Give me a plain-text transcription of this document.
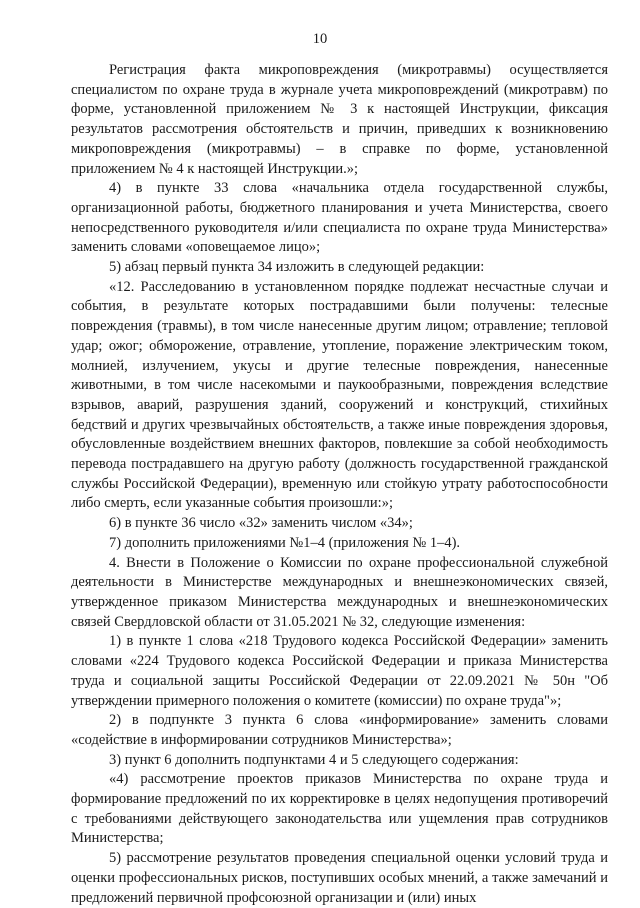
10

Регистрация факта микроповреждения (микротравмы) осуществляется специалистом по охране труда в журнале учета микроповреждений (микротравм) по форме, установленной приложением № 3 к настоящей Инструкции, фиксация результатов рассмотрения обстоятельств и причин, приведших к возникновению микроповреждения (микротравмы) – в справке по форме, установленной приложением № 4 к настоящей Инструкции.»;

4) в пункте 33 слова «начальника отдела государственной службы, организационной работы, бюджетного планирования и учета Министерства, своего непосредственного руководителя и/или специалиста по охране труда Министерства» заменить словами «оповещаемое лицо»;

5) абзац первый пункта 34 изложить в следующей редакции:

«12. Расследованию в установленном порядке подлежат несчастные случаи и события, в результате которых пострадавшими были получены: телесные повреждения (травмы), в том числе нанесенные другим лицом; отравление; тепловой удар; ожог; обморожение, отравление, утопление, поражение электрическим током, молнией, излучением, укусы и другие телесные повреждения, нанесенные животными, в том числе насекомыми и паукообразными, повреждения вследствие взрывов, аварий, разрушения зданий, сооружений и конструкций, стихийных бедствий и других чрезвычайных обстоятельств, а также иные повреждения здоровья, обусловленные воздействием внешних факторов, повлекшие за собой необходимость перевода пострадавшего на другую работу (должность государственной гражданской службы Российской Федерации), временную или стойкую утрату работоспособности либо смерть, если указанные события произошли:»;

6) в пункте 36 число «32» заменить числом «34»;

7) дополнить приложениями №1–4 (приложения № 1–4).

4. Внести в Положение о Комиссии по охране профессиональной служебной деятельности в Министерстве международных и внешнеэкономических связей, утвержденное приказом Министерства международных и внешнеэкономических связей Свердловской области от 31.05.2021 № 32, следующие изменения:

1) в пункте 1 слова «218 Трудового кодекса Российской Федерации» заменить словами «224 Трудового кодекса Российской Федерации и приказа Министерства труда и социальной защиты Российской Федерации от 22.09.2021 № 50н "Об утверждении примерного положения о комитете (комиссии) по охране труда"»;

2) в подпункте 3 пункта 6 слова «информирование» заменить словами «содействие в информировании сотрудников Министерства»;

3) пункт 6 дополнить подпунктами 4 и 5 следующего содержания:

«4) рассмотрение проектов приказов Министерства по охране труда и формирование предложений по их корректировке в целях недопущения противоречий с требованиями действующего законодательства или ущемления прав сотрудников Министерства;

5) рассмотрение результатов проведения специальной оценки условий труда и оценки профессиональных рисков, поступивших особых мнений, а также замечаний и предложений первичной профсоюзной организации и (или) иных
